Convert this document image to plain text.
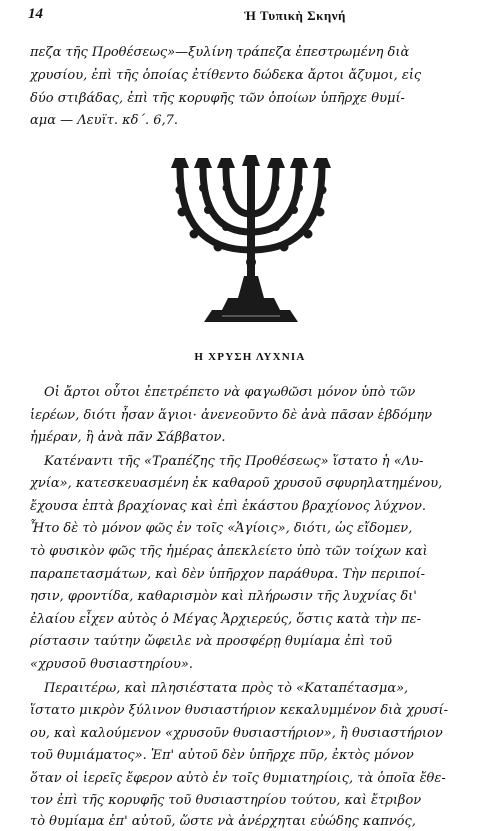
14	Ἡ Τυπικὴ Σκηνή
πεζα τῆς Προθέσεως»—ξυλίνη τράπεζα ἐπεστρωμένη διὰ
χρυσίου, ἐπὶ τῆς ὁποίας ἐτίθεντο δώδεκα ἄρτοι ἄζυμοι, εἰς
δύο στιβάδας, ἐπὶ τῆς κορυφῆς τῶν ὁποίων ὑπῆρχε θυμί-
αμα — Λευϊτ. κδ΄. 6,7.
Η ΧΡΥΣΗ ΛΥΧΝΙΑ
Οἱ ἄρτοι οὗτοι ἐπετρέπετο νὰ φαγωθῶσι μόνον ὑπὸ τῶν
ἱερέων, διότι ἦσαν ἅγιοι· ἀνενεοῦντο δὲ ἀνὰ πᾶσαν ἑβδόμην
ἡμέραν, ἢ ἀνὰ πᾶν Σάββατον.
Κατέναντι τῆς «Τραπέζης τῆς Προθέσεως» ἵστατο ἡ «Λυ-
χνία», κατεσκευασμένη ἐκ καθαροῦ χρυσοῦ σφυρηλατημένου,
ἔχουσα ἑπτὰ βραχίονας καὶ ἐπὶ ἑκάστου βραχίονος λύχνον.
Ἦτο δὲ τὸ μόνον φῶς ἐν τοῖς «Ἁγίοις», διότι, ὡς εἴδομεν,
τὸ φυσικὸν φῶς τῆς ἡμέρας ἀπεκλείετο ὑπὸ τῶν τοίχων καὶ
παραπετασμάτων, καὶ δὲν ὑπῆρχον παράθυρα. Τὴν περιποί-
ησιν, φροντίδα, καθαρισμὸν καὶ πλήρωσιν τῆς λυχνίας δι'
ἐλαίου εἶχεν αὐτὸς ὁ Μέγας Ἀρχιερεύς, ὅστις κατὰ τὴν πε-
ρίστασιν ταύτην ὤφειλε νὰ προσφέρῃ θυμίαμα ἐπὶ τοῦ
«χρυσοῦ θυσιαστηρίου».
Περαιτέρω, καὶ πλησιέστατα πρὸς τὸ «Καταπέτασμα»,
ἵστατο μικρὸν ξύλινον θυσιαστήριον κεκαλυμμένον διὰ χρυσί-
ου, καὶ καλούμενον «χρυσοῦν θυσιαστήριον», ἢ θυσιαστήριον
τοῦ θυμιάματος». Ἐπ' αὐτοῦ δὲν ὑπῆρχε πῦρ, ἐκτὸς μόνον
ὅταν οἱ ἱερεῖς ἔφερον αὐτὸ ἐν τοῖς θυμιατηρίοις, τὰ ὁποῖα ἔθε-
τον ἐπὶ τῆς κορυφῆς τοῦ θυσιαστηρίου τούτου, καὶ ἔτριβον
τὸ θυμίαμα ἐπ' αὐτοῦ, ὥστε νὰ ἀνέρχηται εὐώδης καπνός,
